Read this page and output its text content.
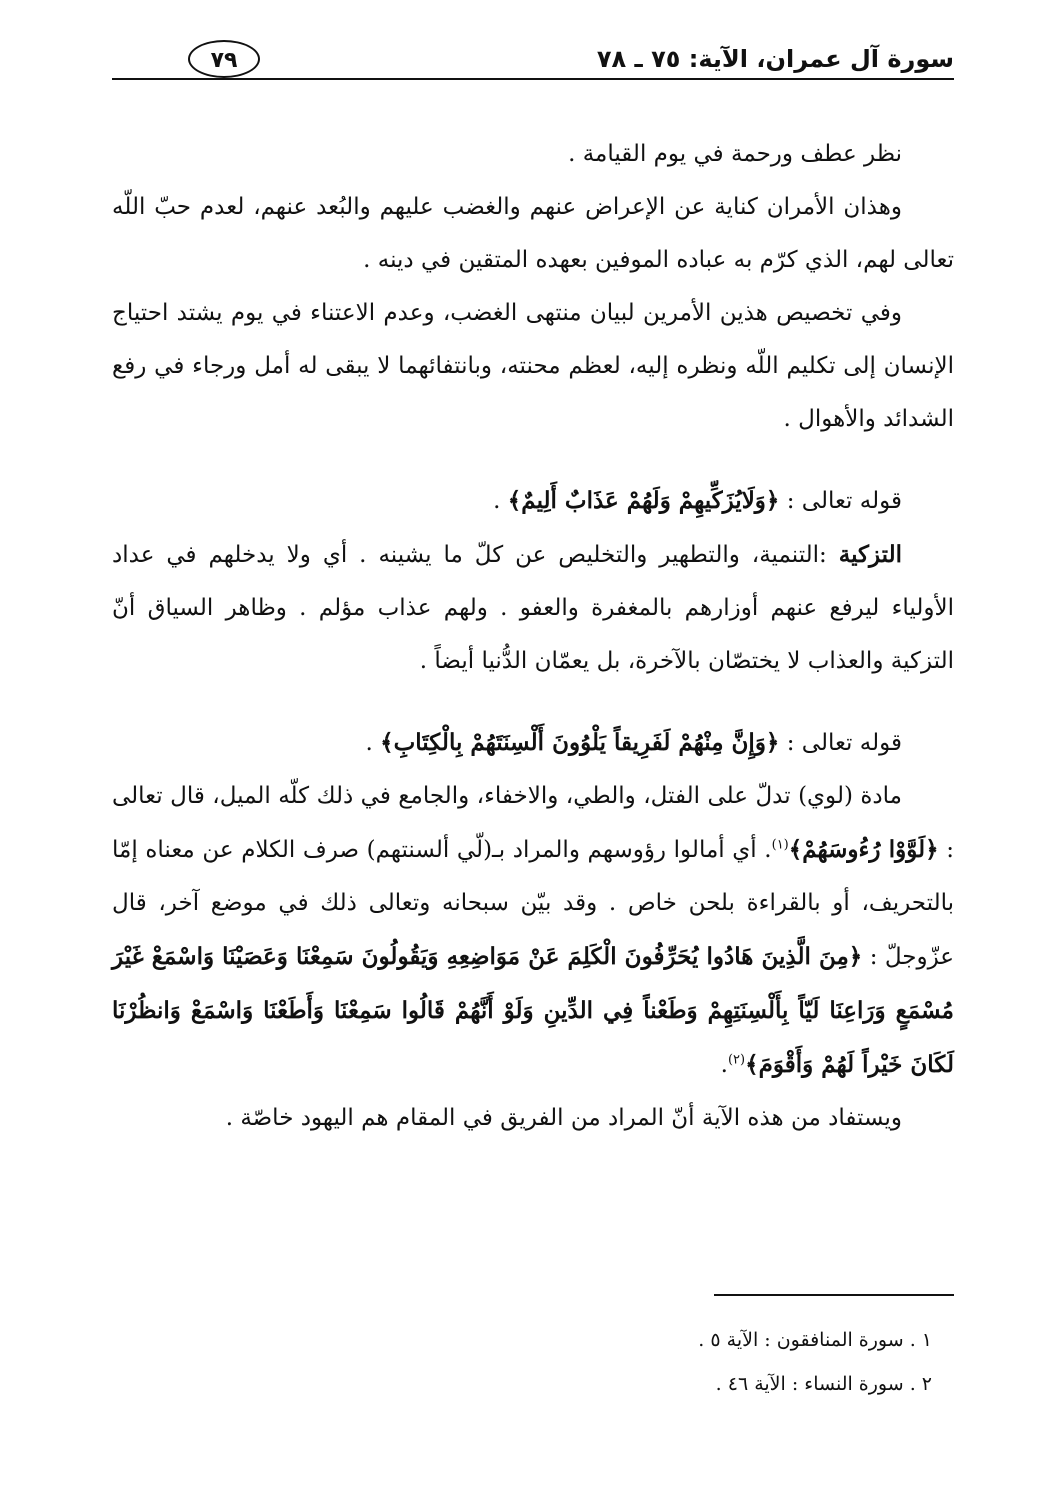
سورة آل عمران، الآية: ٧٥ ـ ٧٨
٧٩

نظر عطف ورحمة في يوم القيامة .

وهذان الأمران كناية عن الإعراض عنهم والغضب عليهم والبُعد عنهم، لعدم حبّ اللّه تعالى لهم، الذي كرّم به عباده الموفين بعهده المتقين في دينه .

وفي تخصيص هذين الأمرين لبيان منتهى الغضب، وعدم الاعتناء في يوم يشتد احتياج الإنسان إلى تكليم اللّه ونظره إليه، لعظم محنته، وبانتفائهما لا يبقى له أمل ورجاء في رفع الشدائد والأهوال .

قوله تعالى : ﴿وَلَايُزَكِّيهِمْ وَلَهُمْ عَذَابٌ أَلِيمٌ﴾ .

التزكية :التنمية، والتطهير والتخليص عن كلّ ما يشينه . أي ولا يدخلهم في عداد الأولياء ليرفع عنهم أوزارهم بالمغفرة والعفو . ولهم عذاب مؤلم . وظاهر السياق أنّ التزكية والعذاب لا يختصّان بالآخرة، بل يعمّان الدُّنيا أيضاً .

قوله تعالى : ﴿وَإِنَّ مِنْهُمْ لَفَرِيقاً يَلْوُونَ أَلْسِنَتَهُمْ بِالْكِتَابِ﴾ .

مادة (لوي) تدلّ على الفتل، والطي، والاخفاء، والجامع في ذلك كلّه الميل، قال تعالى : ﴿لَوَّوْا رُءُوسَهُمْ﴾$^{(١)}$. أي أمالوا رؤوسهم والمراد بـ(لّي ألسنتهم) صرف الكلام عن معناه إمّا بالتحريف، أو بالقراءة بلحن خاص . وقد بيّن سبحانه وتعالى ذلك في موضع آخر، قال عزّوجلّ : ﴿مِنَ الَّذِينَ هَادُوا يُحَرِّفُونَ الْكَلِمَ عَنْ مَوَاضِعِهِ وَيَقُولُونَ سَمِعْنَا وَعَصَيْنَا وَاسْمَعْ غَيْرَ مُسْمَعٍ وَرَاعِنَا لَيّاً بِأَلْسِنَتِهِمْ وَطَعْناً فِي الدِّينِ وَلَوْ أَنَّهُمْ قَالُوا سَمِعْنَا وَأَطَعْنَا وَاسْمَعْ وَانظُرْنَا لَكَانَ خَيْراً لَهُمْ وَأَقْوَمَ﴾$^{(٢)}$.

ويستفاد من هذه الآية أنّ المراد من الفريق في المقام هم اليهود خاصّة .

١ . سورة المنافقون : الآية ٥ .

٢ . سورة النساء : الآية ٤٦ .
